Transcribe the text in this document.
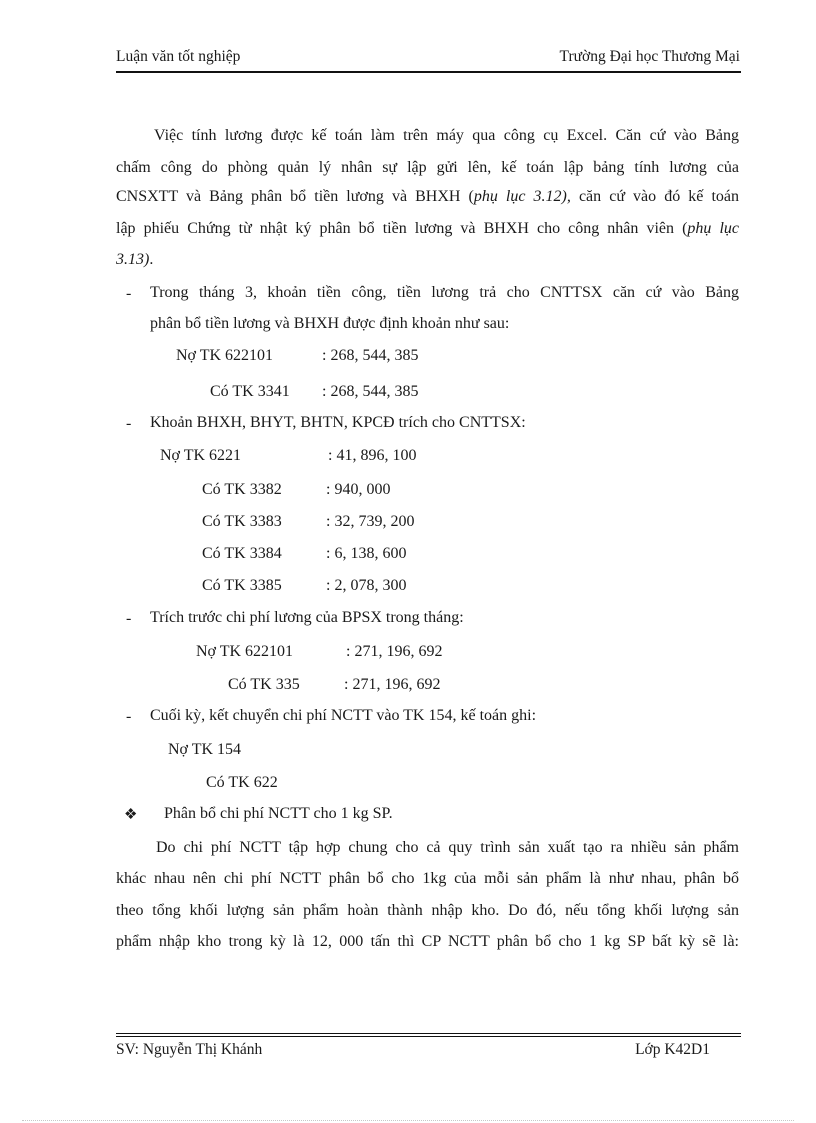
Luận văn tốt nghiệp	Trường Đại học Thương Mại
Việc tính lương được kế toán làm trên máy qua công cụ Excel. Căn cứ vào Bảng
chấm công do phòng quản lý nhân sự lập gửi lên, kế toán lập bảng tính lương của
CNSXTT và Bảng phân bổ tiền lương và BHXH (phụ lục 3.12), căn cứ vào đó kế toán
lập phiếu Chứng từ nhật ký phân bổ tiền lương và BHXH cho công nhân viên (phụ lục
3.13).
- Trong tháng 3, khoản tiền công, tiền lương trả cho CNTTSX căn cứ vào Bảng
phân bổ tiền lương và BHXH được định khoản như sau:
Nợ TK 622101	: 268, 544, 385
Có TK 3341 : 268, 544, 385
- Khoản BHXH, BHYT, BHTN, KPCĐ trích cho CNTTSX:
Nợ TK 6221	: 41, 896, 100
Có TK 3382	: 940, 000
Có TK 3383	: 32, 739, 200
Có TK 3384	: 6, 138, 600
Có TK 3385	: 2, 078, 300
- Trích trước chi phí lương của BPSX trong tháng:
Nợ TK 622101	: 271, 196, 692
Có TK 335	: 271, 196, 692
- Cuối kỳ, kết chuyển chi phí NCTT vào TK 154, kế toán ghi:
Nợ TK 154
Có TK 622
❖ Phân bổ chi phí NCTT cho 1 kg SP.
Do chi phí NCTT tập hợp chung cho cả quy trình sản xuất tạo ra nhiều sản phẩm
khác nhau nên chi phí NCTT phân bổ cho 1kg của mỗi sản phẩm là như nhau, phân bổ
theo tổng khối lượng sản phẩm hoàn thành nhập kho. Do đó, nếu tổng khối lượng sản
phẩm nhập kho trong kỳ là 12, 000 tấn thì CP NCTT phân bổ cho 1 kg SP bất kỳ sẽ là:
SV: Nguyễn Thị Khánh	Lớp K42D1
